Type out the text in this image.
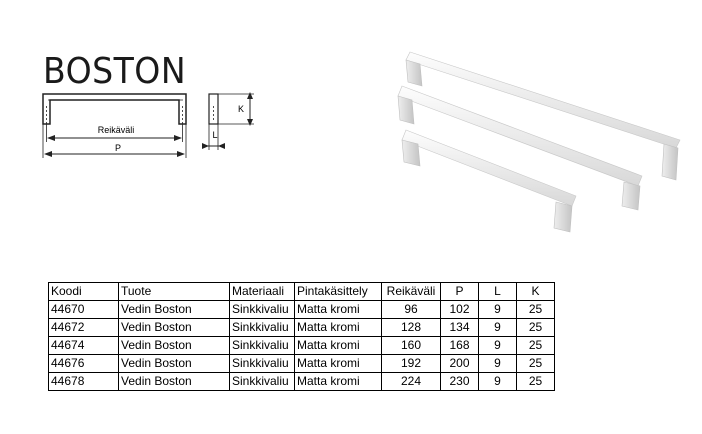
BOSTON
Reikäväli
P
L
K
Koodi	Tuote	Materiaali	Pintakäsittely	Reikäväli	P	L	K
44670	Vedin Boston	Sinkkivaliu	Matta kromi	96	102	9	25
44672	Vedin Boston	Sinkkivaliu	Matta kromi	128	134	9	25
44674	Vedin Boston	Sinkkivaliu	Matta kromi	160	168	9	25
44676	Vedin Boston	Sinkkivaliu	Matta kromi	192	200	9	25
44678	Vedin Boston	Sinkkivaliu	Matta kromi	224	230	9	25
